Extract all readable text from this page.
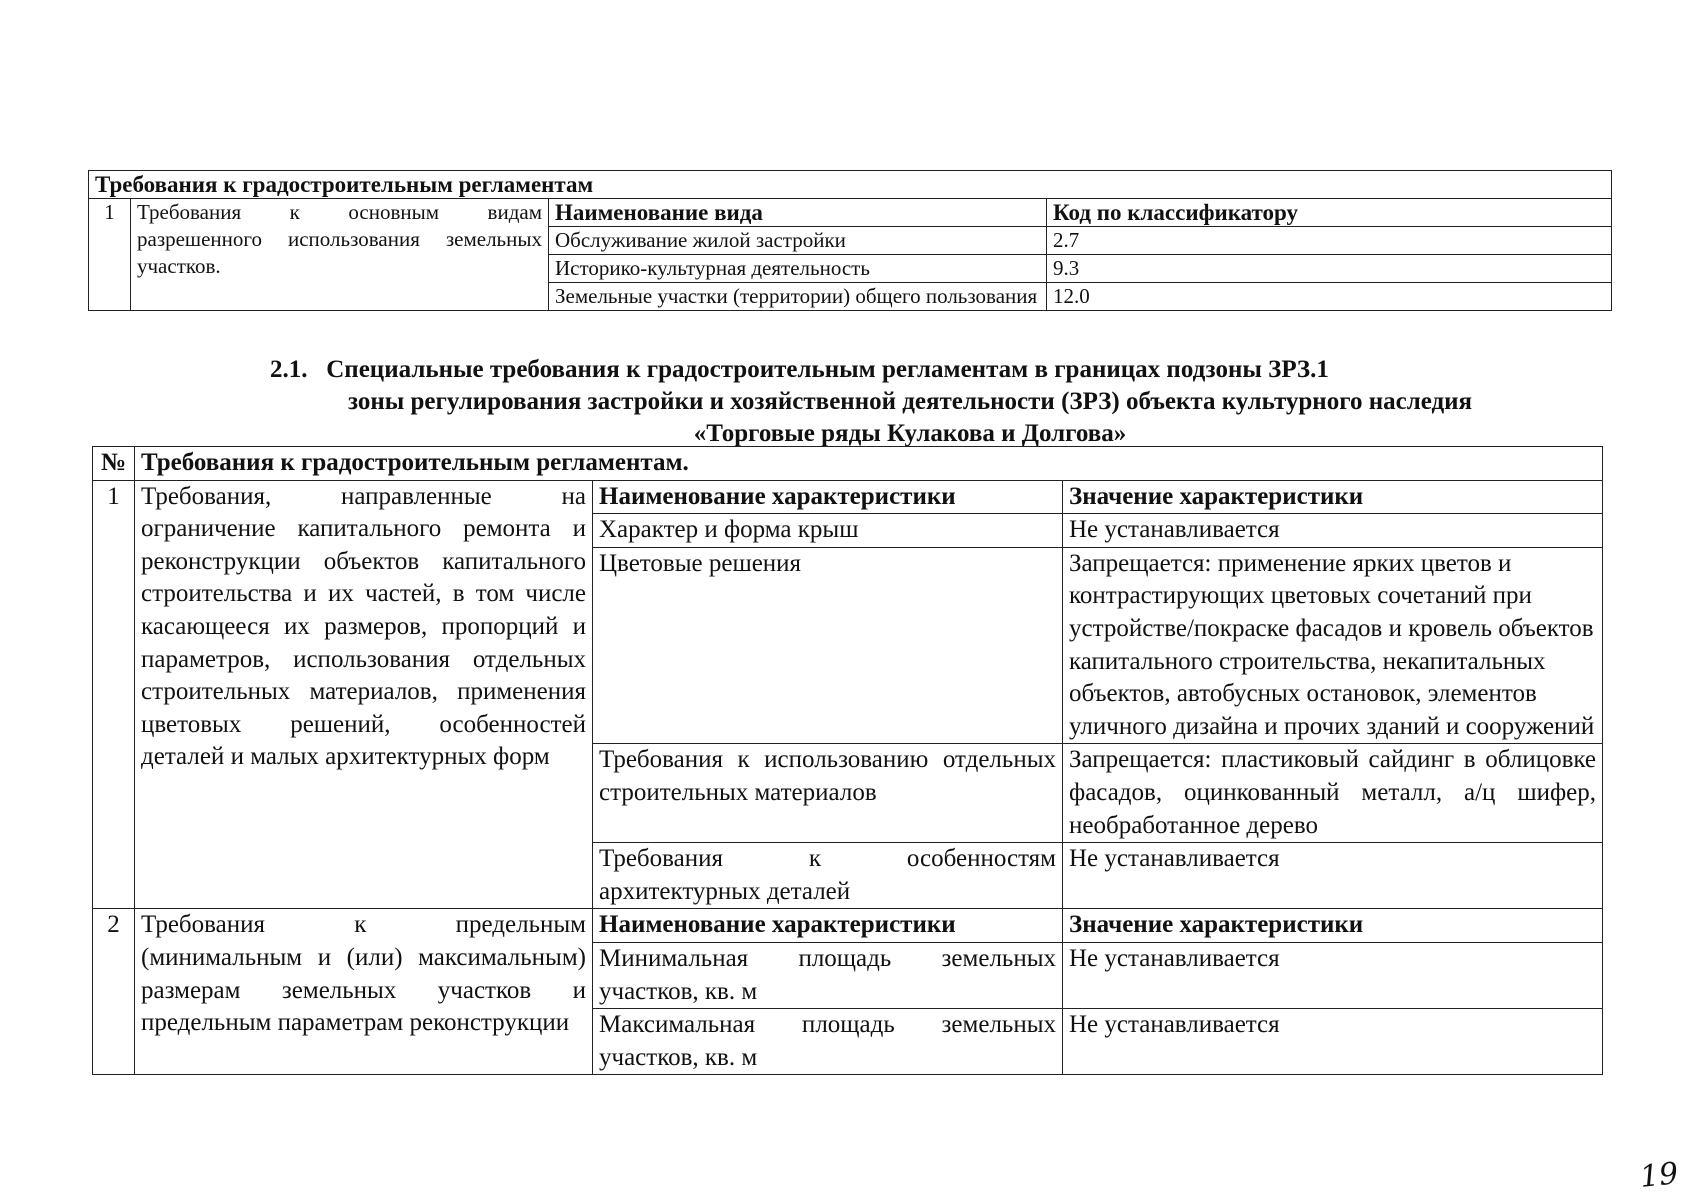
Требования к градостроительным регламентам			
1	Требования к основным видам разрешенного использования земельных участков.	Наименование вида	Код по классификатору
		Обслуживание жилой застройки	2.7
		Историко-культурная деятельность	9.3
		Земельные участки (территории) общего пользования	12.0
2.1.   Специальные требования к градостроительным регламентам в границах подзоны ЗРЗ.1
зоны регулирования застройки и хозяйственной деятельности (ЗРЗ) объекта культурного наследия
«Торговые ряды Кулакова и Долгова»
№	Требования к градостроительным регламентам.		
1	Требования, направленные на ограничение капитального ремонта и реконструкции объектов капитального строительства и их частей, в том числе касающееся их размеров, пропорций и параметров, использования отдельных строительных материалов, применения цветовых решений, особенностей деталей и малых архитектурных форм	Наименование характеристики	Значение характеристики
		Характер и форма крыш	Не устанавливается
		Цветовые решения	Запрещается: применение ярких цветов и контрастирующих цветовых сочетаний при устройстве/покраске фасадов и кровель объектов капитального строительства, некапитальных объектов, автобусных остановок, элементов уличного дизайна и прочих зданий и сооружений
		Требования к использованию отдельных строительных материалов	Запрещается: пластиковый сайдинг в облицовке фасадов, оцинкованный металл, а/ц шифер, необработанное дерево
		Требования к особенностям архитектурных деталей	Не устанавливается
2	Требования к предельным (минимальным и (или) максимальным) размерам земельных участков и предельным параметрам реконструкции	Наименование характеристики	Значение характеристики
		Минимальная площадь земельных участков, кв. м	Не устанавливается
		Максимальная площадь земельных участков, кв. м	Не устанавливается
19
